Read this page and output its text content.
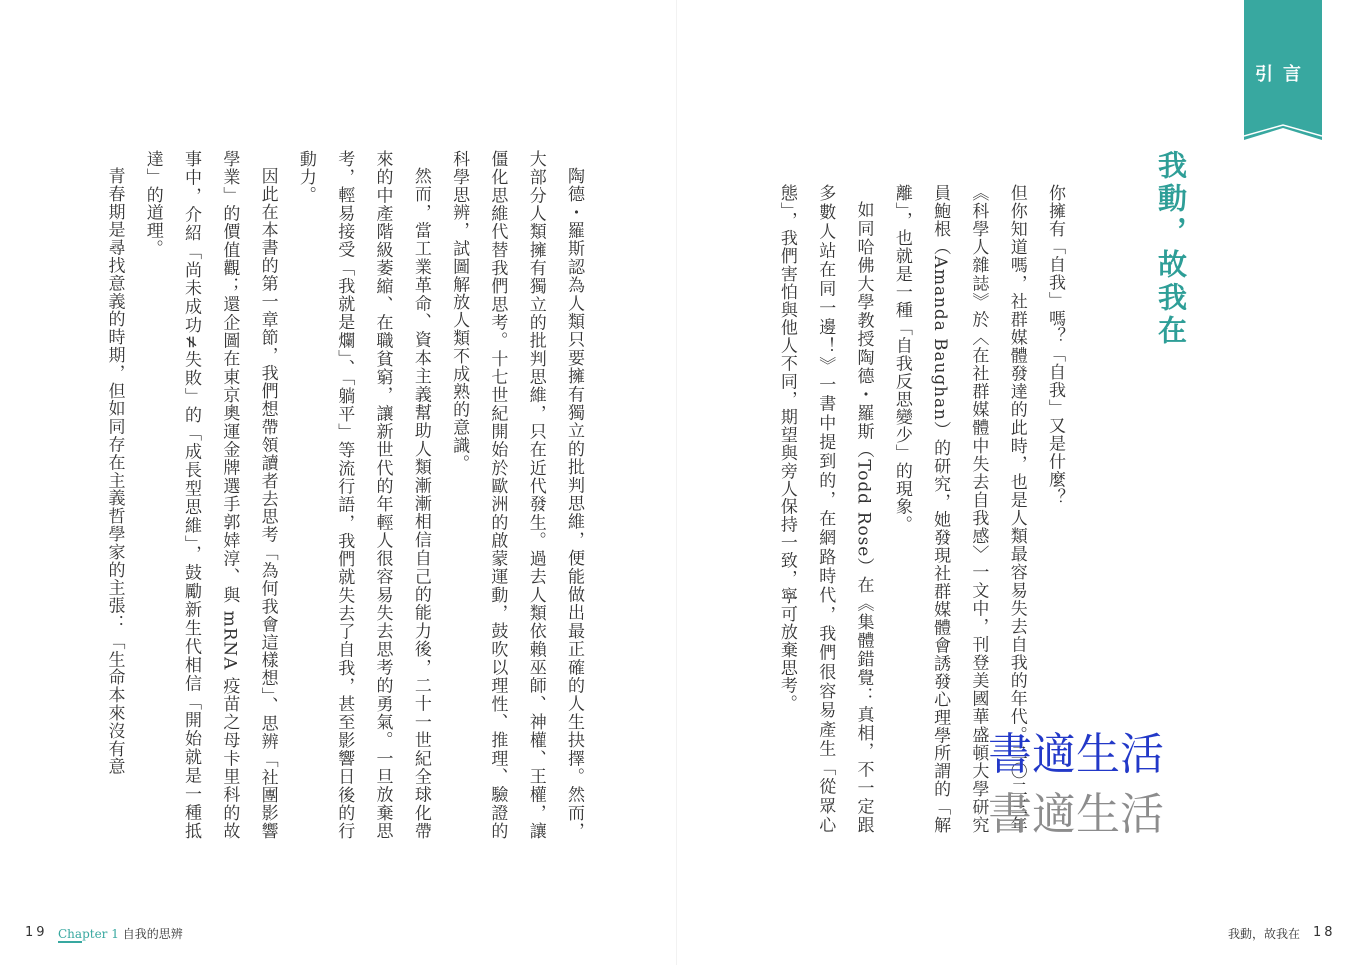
引言
我動，故我在

你擁有「自我」嗎？「自我」又是什麼？

但你知道嗎，社群媒體發達的此時，也是人類最容易失去自我的年代。二〇二三年《科學人雜誌》於〈在社群媒體中失去自我感〉一文中，刊登美國華盛頓大學研究員鮑根（Amanda Baughan）的研究，她發現社群媒體會誘發心理學所謂的「解離」，也就是一種「自我反思變少」的現象。

如同哈佛大學教授陶德・羅斯（Todd Rose）在《集體錯覺：真相，不一定跟多數人站在同一邊！》一書中提到的，在網路時代，我們很容易產生「從眾心態」，我們害怕與他人不同，期望與旁人保持一致，寧可放棄思考。

陶德・羅斯認為人類只要擁有獨立的批判思維，便能做出最正確的人生抉擇。然而，大部分人類擁有獨立的批判思維，只在近代發生。過去人類依賴巫師、神權、王權，讓僵化思維代替我們思考。十七世紀開始於歐洲的啟蒙運動，鼓吹以理性、推理、驗證的科學思辨，試圖解放人類不成熟的意識。

然而，當工業革命、資本主義幫助人類漸漸相信自己的能力後，二十一世紀全球化帶來的中產階級萎縮、在職貧窮，讓新世代的年輕人很容易失去思考的勇氣。一旦放棄思考，輕易接受「我就是爛」、「躺平」等流行語，我們就失去了自我，甚至影響日後的行動力。

因此在本書的第一章節，我們想帶領讀者去思考「為何我會這樣想」、思辨「社團影響學業」的價值觀；還企圖在東京奧運金牌選手郭婞淳、與 mRNA 疫苗之母卡里科的故事中，介紹「尚未成功≠失敗」的「成長型思維」，鼓勵新生代相信「開始就是一種抵達」的道理。

青春期是尋找意義的時期，但如同存在主義哲學家的主張：「生命本來沒有意	書適生活
書適生活
19 Chapter 1 自我的思辨	我動，故我在 18
